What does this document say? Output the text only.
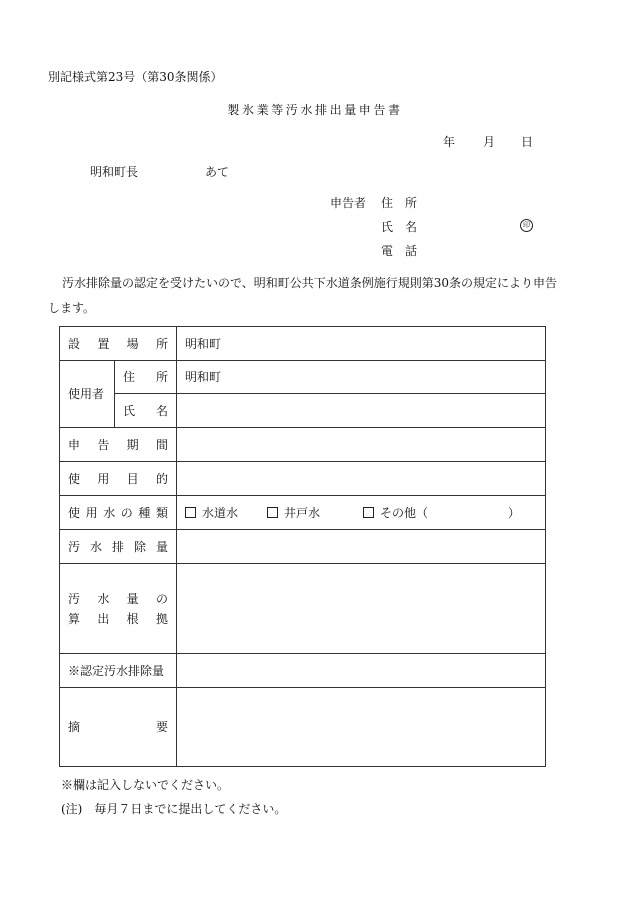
別記様式第23号（第30条関係）
製氷業等汚水排出量申告書
年 月 日
明和町長	あて
申告者 住　所
氏　名	印
電　話
汚水排除量の認定を受けたいので、明和町公共下水道条例施行規則第30条の規定により申告します。
設置場所		明和町
使用者	住所	明和町
	氏名	
申告期間		
使用目的		
使用水の種類		水道水 井戸水 その他（ ）
汚水排除量		

汚水量の
算出根拠		

※認定汚水排除量		
摘要		
※欄は記入しないでください。
(注)　毎月７日までに提出してください。
